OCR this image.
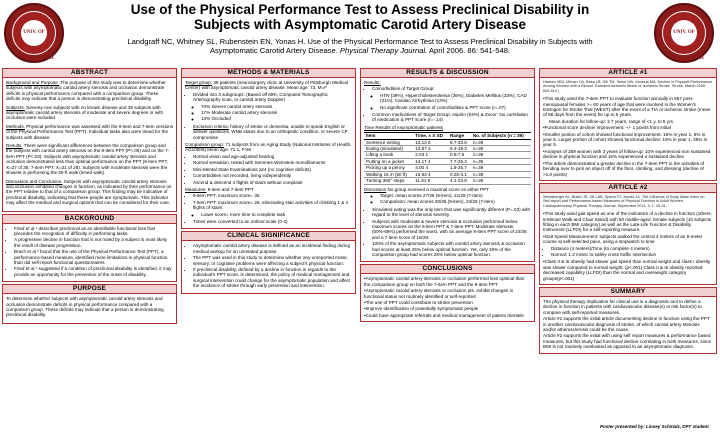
UNIV. OF PITTSBURGH
Use of the Physical Performance Test to Assess Preclinical Disability in
Subjects with Asymptomatic Carotid Artery Disease
Landgraff NC, Whitney SL, Rubenstein EN, Yonas H. Use of the Physical Performance Test to Assess Preclinical Disability in Subjects with
Asymptomatic Carotid Artery Disease. Physical Therapy Journal. April 2006. 86: 541-548.
UNIV. OF PITTSBURGH
ABSTRACT

Background and Purpose. The purpose of this study was to determine whether subjects with asymptomatic carotid artery stenosis and occlusion demonstrate deficits in physical performance compared with a comparison group. These deficits may indicate that a person is demonstrating preclinical disability.

Subjects. Seventy-one subjects with no known disease and 39 subjects with asymptomatic carotid artery stenosis of moderate and severe degrees or with occlusion were included.

Methods. Physical performance was assessed with the 9-item and 7-item versions of the Physical Performance Test (PPT). Individual tasks also were timed for the subjects with disease.

Results. There were significant differences between the comparison group and the subjects with carotid artery stenosis on the 9-item PPT (P<.00) and on the 7-item PPT (P<.03). Subjects with asymptomatic carotid artery stenosis and occlusion demonstrated less than optimal performance on the PPT (9-item PPT, X=27 of 36; 7-item PPT, X=21 of 28). Subjects with moderate stenosis were the slowest in performing the 50-ft walk (timed walk).

Discussion and Conclusion. Subjects with asymptomatic carotid artery stenosis and occlusion exhibited changes in function, as indicated by their performance on the PPT relative to that of a comparison group. This finding may be indicative of preclinical disability, indicating that these people are symptomatic. This indicator may affect the medical and surgical options that can be considered for their care.

BACKGROUND
• Fried et al ¹ describes preclinical as an identifiable functional loss that precedes the recognition of difficulty in performing tasks.
• A progressive decline in function that is not noted by a subject is most likely the result of disease progression.
• Brach et al ² found that the use of the Physical Performance Test (PPT), a performance-based measure, identified more limitations in physical function than did self-report functional questionnaires.
• Fried et al ¹ suggested if a condition of preclinical disability is identified, it may provide an opportunity for the prevention of the onset of disability.
PURPOSE

To determine whether subjects with asymptomatic carotid artery stenosis and occlusion demonstrate deficits in physical performance compared with a comparison group. These deficits may indicate that a person is demonstrating preclinical disability.

METHODS & MATERIALS

Target group: 39 patients (neurosurgery clinic at University of Pittsburgh Medical Center) with asymptomatic carotid artery disease. Mean age: 73, M=F

• Divided into 3 subgroups: (Based off MRI, Computed Tomographic Arteriography scan, or carotid artery Doppler)
◦ 70% Severe carotid artery stenosis
◦ 17% Moderate carotid artery stenosis
◦ 13% Occluded
• Exclusion criteria: history of stroke or dementia, unable to speak English or answer questions, WNB status due to an orthopedic condition, or severe CP compromise

Comparison group: 71 subjects from an Aging Study (National Institutes of Health, AG10009) Mean age: 71.1, F>M

• Normal vision and age-adjusted hearing
• Normal sensation, tested with Semmes-Weinstein monofilaments
• Mini-Mental State Examinations ≥24 (no cognitive deficits)
• Comorbidities not recorded, living independently
• Ascend & descend 4 flights of stairs without complaint

Measures: 9-item and 7-item PPT

• 9-item PPT: maximum score= 36
• 7-item PPT: maximum score= 28, eliminating stair activities of climbing 1 & 4 flights of stairs
◦ Lower score= more time to complete task
• Times were converted to an ordinal scale (0-4)
CLINICAL SIGNIFICANCE
• Asymptomatic carotid artery disease is defined as an incidental finding during medical workup for an unrelated purpose.
• The PPT was used in this study to determine whether any unreported motor, sensory, or cognitive problems were affecting a subject's physical function.
• If preclinical disability, defined by a decline in function in regards to the individual's PPT score, is determined, the policy of medical management and surgical intervention could change for the asymptomatic population and affect the incidence of stroke through early prevention and intervention.
RESULTS & DISCUSSION

Results:

• Comorbidities of Target Group:
◦ HTN (39%), Hypercholesterolemia (36%), Diabetes Mellitus (33%), CAD (31%), Cardiac Arrhythmia (13%)
◦ No significant correlation of comorbidities & PPT score (r=.07)
• Common medications of Target Group: Aspirin (54%) & Zocor: No correlation of medication & PPT score (r=-.14)

Time Results of Asymptomatic patients

Item	Time, s X SD	Range	No. of Subjects (n = 39)
Sentence writing	13.13 6	8.7-33.9	n=39
Eating (simulated)	13.87 3	9.3-19.3	n=39
Lifting a book	2.03 1	0.8-7.5	n=39
Putting on a jacket	14.17 4	7.7-26.3	n=39
Picking up a penny	4.00 4	1.8-26.7	n=39
Walking 15 m (50 ft)	15.93 4	0.25-3.1	n=39
Turning 360° steps	11.81 5	4.1-23.9	n=39

Discussion No group received a maximal score on either PPT

◦ Target: mean scores 27/36 (9-item), 21/28 (7-item)
◦ Comparison: mean scores 30/36 (9-item), 23/28 (7-item)
• Simulated eating was the only item that was significantly different (P=.03) with regard to the level of stenosis severity.
• Subjects with moderate & severe stenosis & occlusion performed below maximum scores on the 9-item PPT & 7-item PPT. Moderate stenosis (50%-69%) performed the worst, with an average 9-item PPT score of 24/36 and a 7-item score of 19/28.
• 100% of the asymptomatic subjects with carotid artery stenosis & occlusion had scores at least 25% below optimal function. Yet, only 19% of the comparison group had scores 25% below optimal function.
CONCLUSIONS

•Asymptomatic carotid artery stenosis or occlusion performed less optimal than the comparison group on both the 7-item PPT and the 9-item PPT

•Asymptomatic carotid artery stenosis or occlusion pts. exhibit changes in functional status not routinely identified or self-reported

•The use of PPT could contribute to stroke prevention

•Improve identification of potentially symptomatic people

•Could have appropriate referrals and medical management of patient clientele

ARTICLE #1

Hansen MW, Ullman CA, Beka LB, Gill TM. Seine MA, Venezia MA. Decline in Physical Performance Among Women with a Recent Transient Ischemic Attack or Ischemic Stroke. Stroke. March 2005. 609-614 )

•This study used the 7-item PPT to evaluate function annually in 557 post-menopausal females >= 60 years of age that were involved in the Women's Estrogen for Stroke Trial (WEST) after the event of a TIA or ischemic stroke (mean of 58 days from the event) for up to 5 years.

Mean duration for follow-up: 2.7 years, range of <1 y. to 5 yrs.

•Functional score decline/ improvement: +/- 1 points from initial

•Smaller portion of cohort showed functional improvement: 16% in year 1, 6% in year 5. Larger portion of cohort showed functional decline: 15% in year 1, 35% in year 5.

•Analysis of 259 women with 3 years of follow-up: 10% experienced non sustained decline in physical function and 15% experienced a sustained decline

•The article demonstrated a greater decline in the 7-item PPT in the activities of bending over to pick an object off of the floor, climbing, and dressing (decline of >1.0 points)

ARTICLE #2

Weissberger AL, Brach JS, Ott LAB, Sparto PJ, Arnold JA. The Influence of Body Mass Index on Self-report and Performance-based Measures of Physical Function in Adult Women. Cardiopulmonary Physical Therapy Journal. September 2011. 3: 1: 25-31.

•This study used gait speed as one of the indicators of a decline in function (others: 6-Minute Walk and Chair Stand) with 50 middle-aged, female subjects (10 subjects fitting in each BMI category) as well as the Late-Life Function & Disability Instrument (LLFDI) for a self-reporting measure.

•Gait Speed Measurement: subjects walked the central 4 meters of an 8-meter course at self-selected pace, using a stopwatch to time

• Distance (4 meters)/Time (to complete 4 meters)
• Normal: 1.2 m/sec to safely cross traffic intersection

•Class II & III obesity had slower gait speed than normal weight and class I obesity was slower compared to normal weight. (p<.001) Class II & III obesity reported decreased capability (LLFDI) than the normal and overweight category groups(p<.001)

SUMMARY

The physical therapy implication for clinical use is a diagnostic tool to define a decline in function in patients with cardiovascular disease(s) or risk factor(s) to compare with self-reported measures.

Article #1 supports the initial article documenting decline in function using the PPT in another cardiovascular diagnosis of stroke, of which carotid artery stenosis and/or atherosclerosis could be the cause.

Article #2 supports the initial with using self report measures & performance based measures, but this study had functional decline correlating in both measures, since BMI is not routinely overlooked as opposed to an asymptomatic diagnosis.

Poster presented by: Linsey Schmalz, DPT student
